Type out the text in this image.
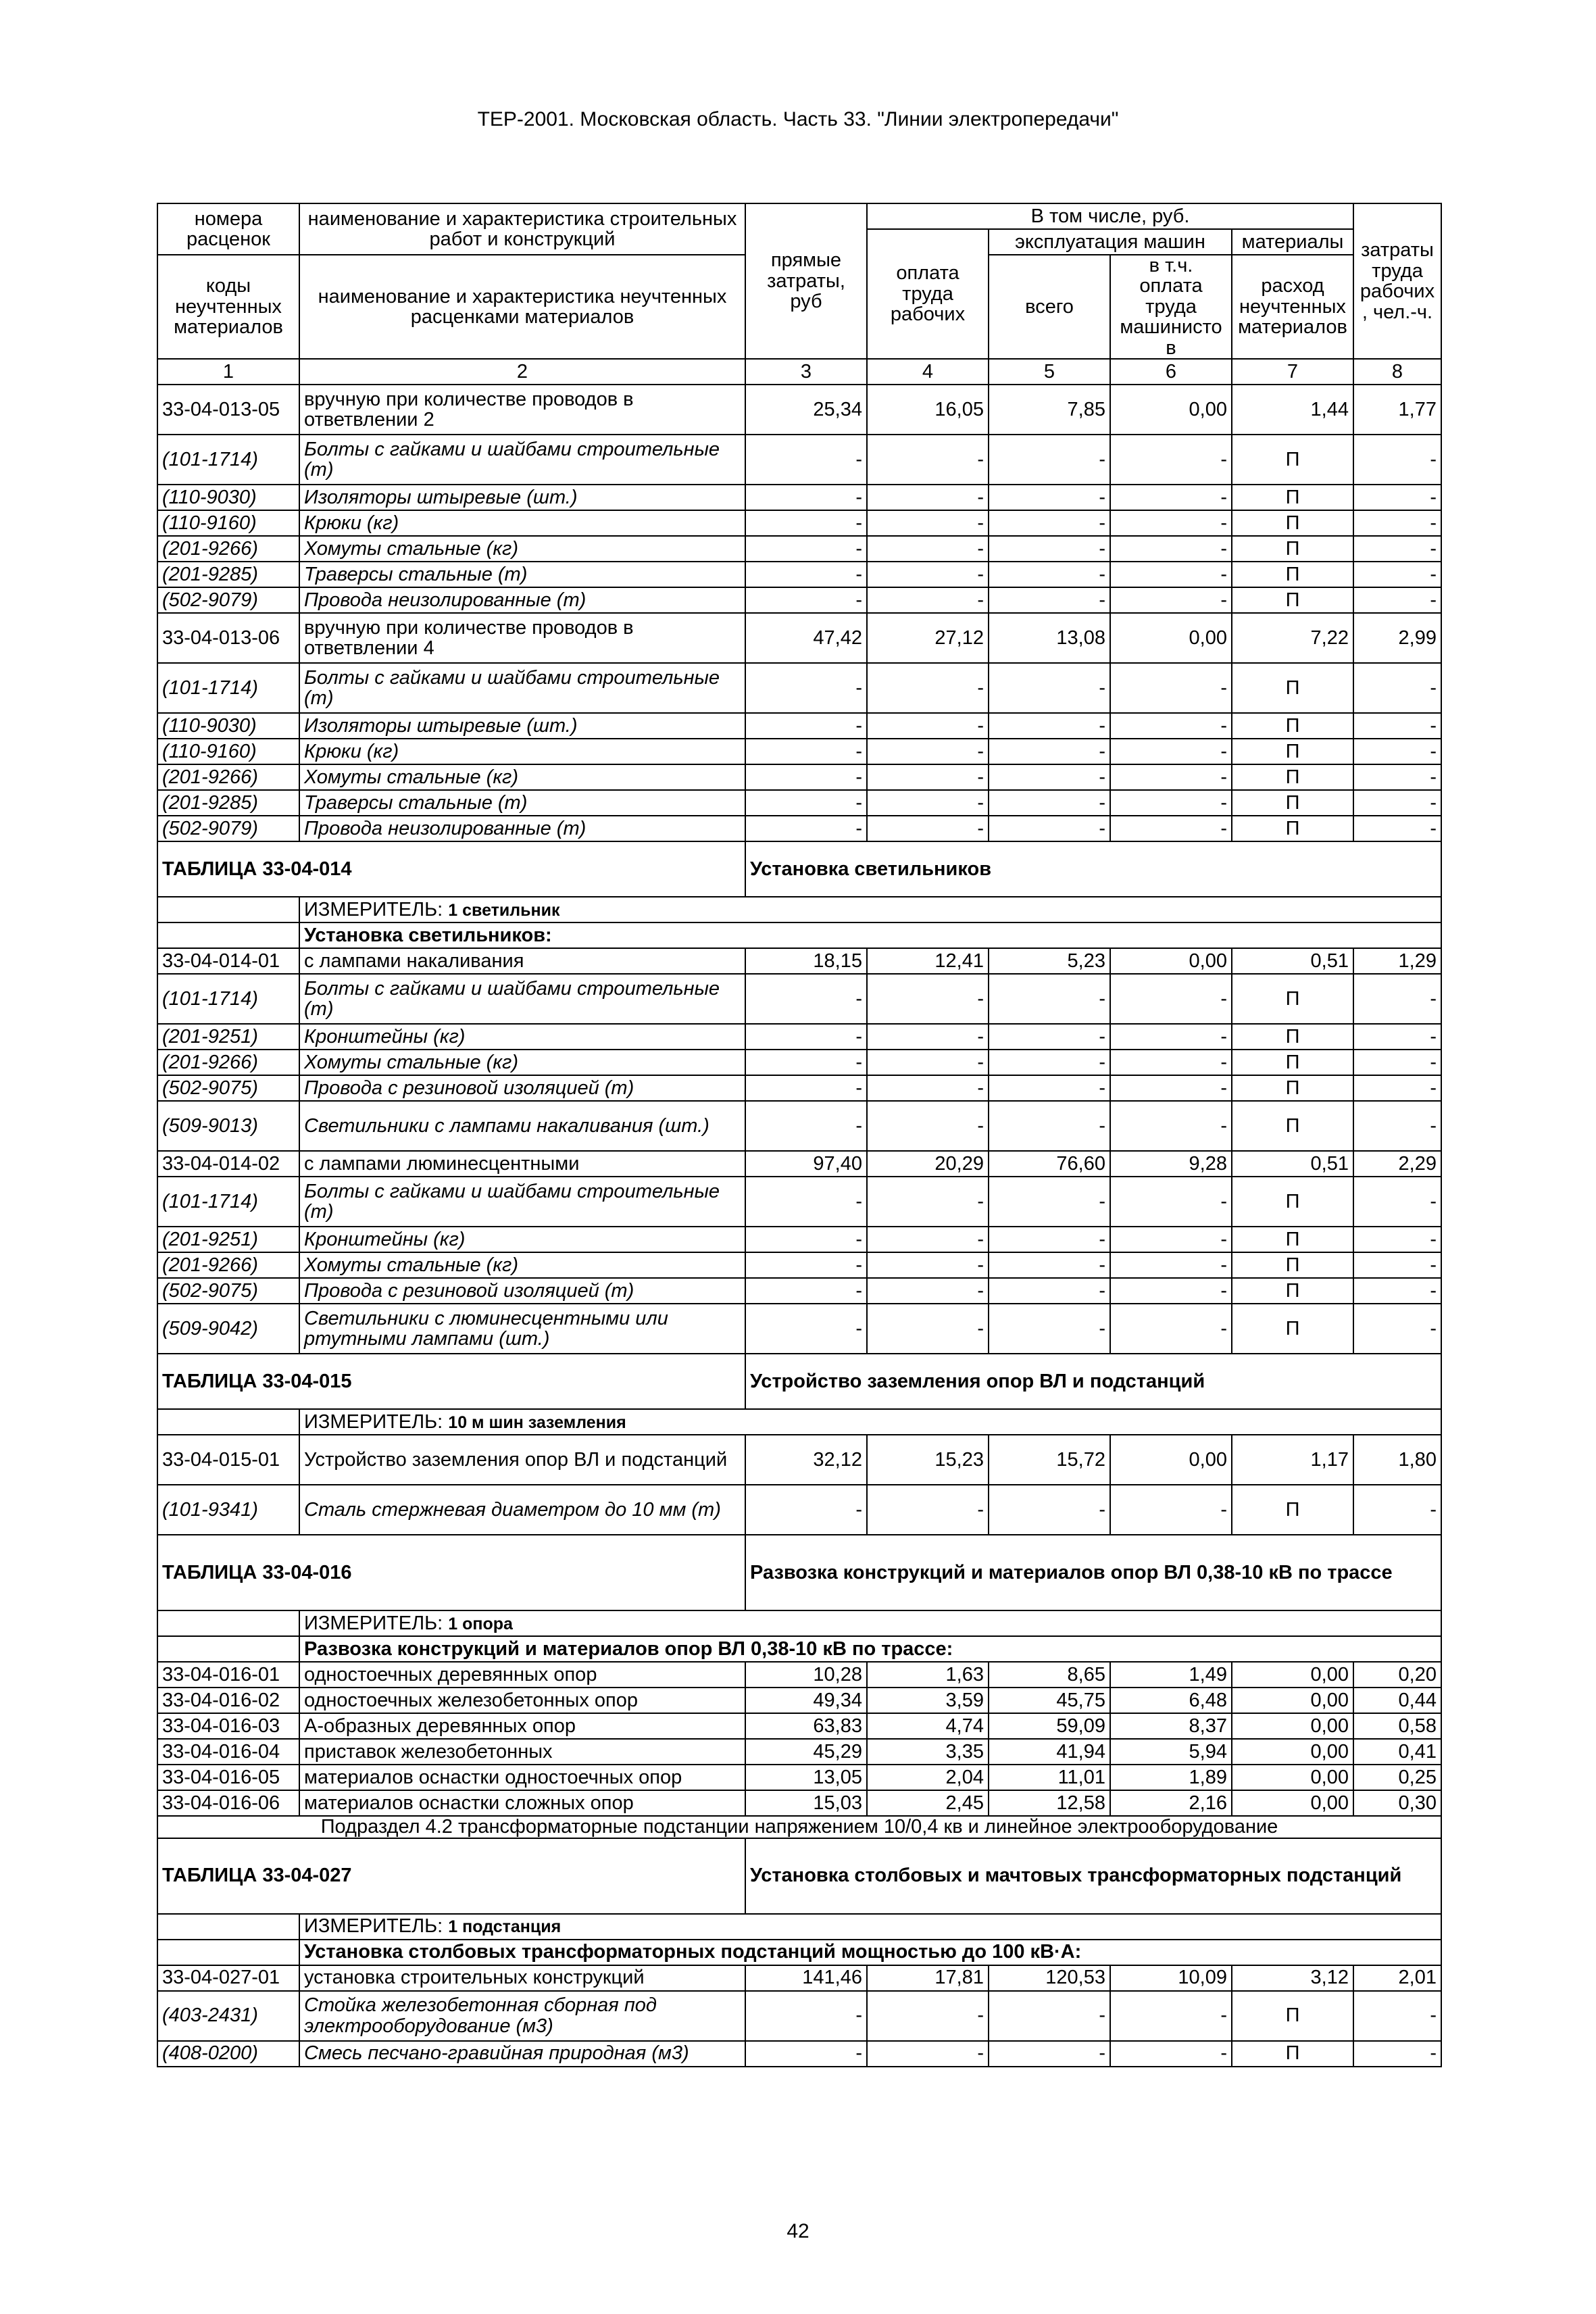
ТЕР-2001. Московская область. Часть 33. "Линии электропередачи"
номера расценок	наименование и характеристика строительных работ и конструкций	прямые затраты, руб	В том числе, руб.				затраты труда рабочих, чел.-ч.
			оплата труда рабочих	эксплуатация машин		материалы	
коды неучтенных материалов	наименование и характеристика неучтенных расценками материалов			всего	в т.ч. оплата труда машинистов	расход неучтенных материалов	

1	2	3	4	5	6	7	8
33-04-013-05	вручную при количестве проводов в ответвлении 2	25,34	16,05	7,85	0,00	1,44	1,77
(101-1714)	Болты с гайками и шайбами строительные (т)	-	-	-	-	П	-
(110-9030)	Изоляторы штыревые (шт.)	-	-	-	-	П	-
(110-9160)	Крюки (кг)	-	-	-	-	П	-
(201-9266)	Хомуты стальные (кг)	-	-	-	-	П	-
(201-9285)	Траверсы стальные (т)	-	-	-	-	П	-
(502-9079)	Провода неизолированные (т)	-	-	-	-	П	-
33-04-013-06	вручную при количестве проводов в ответвлении 4	47,42	27,12	13,08	0,00	7,22	2,99
(101-1714)	Болты с гайками и шайбами строительные (т)	-	-	-	-	П	-
(110-9030)	Изоляторы штыревые (шт.)	-	-	-	-	П	-
(110-9160)	Крюки (кг)	-	-	-	-	П	-
(201-9266)	Хомуты стальные (кг)	-	-	-	-	П	-
(201-9285)	Траверсы стальные (т)	-	-	-	-	П	-
(502-9079)	Провода неизолированные (т)	-	-	-	-	П	-
ТАБЛИЦА 33-04-014		Установка светильников					
	ИЗМЕРИТЕЛЬ: 1 светильник						
	Установка светильников:						
33-04-014-01	с лампами накаливания	18,15	12,41	5,23	0,00	0,51	1,29
(101-1714)	Болты с гайками и шайбами строительные (т)	-	-	-	-	П	-
(201-9251)	Кронштейны (кг)	-	-	-	-	П	-
(201-9266)	Хомуты стальные (кг)	-	-	-	-	П	-
(502-9075)	Провода с резиновой изоляцией (т)	-	-	-	-	П	-
(509-9013)	Светильники с лампами накаливания (шт.)	-	-	-	-	П	-
33-04-014-02	с лампами люминесцентными	97,40	20,29	76,60	9,28	0,51	2,29
(101-1714)	Болты с гайками и шайбами строительные (т)	-	-	-	-	П	-
(201-9251)	Кронштейны (кг)	-	-	-	-	П	-
(201-9266)	Хомуты стальные (кг)	-	-	-	-	П	-
(502-9075)	Провода с резиновой изоляцией (т)	-	-	-	-	П	-
(509-9042)	Светильники с люминесцентными или ртутными лампами (шт.)	-	-	-	-	П	-
ТАБЛИЦА 33-04-015		Устройство заземления опор ВЛ и подстанций					
	ИЗМЕРИТЕЛЬ: 10 м шин заземления						
33-04-015-01	Устройство заземления опор ВЛ и подстанций	32,12	15,23	15,72	0,00	1,17	1,80
(101-9341)	Сталь стержневая диаметром до 10 мм (т)	-	-	-	-	П	-
ТАБЛИЦА 33-04-016		Развозка конструкций и материалов опор ВЛ 0,38-10 кВ по трассе					
	ИЗМЕРИТЕЛЬ: 1 опора						
	Развозка конструкций и материалов опор ВЛ 0,38-10 кВ по трассе:						
33-04-016-01	одностоечных деревянных опор	10,28	1,63	8,65	1,49	0,00	0,20
33-04-016-02	одностоечных железобетонных опор	49,34	3,59	45,75	6,48	0,00	0,44
33-04-016-03	А-образных деревянных опор	63,83	4,74	59,09	8,37	0,00	0,58
33-04-016-04	приставок железобетонных	45,29	3,35	41,94	5,94	0,00	0,41
33-04-016-05	материалов оснастки одностоечных опор	13,05	2,04	11,01	1,89	0,00	0,25
33-04-016-06	материалов оснастки сложных опор	15,03	2,45	12,58	2,16	0,00	0,30
Подраздел 4.2 трансформаторные подстанции напряжением 10/0,4 кв и линейное электрооборудование							
ТАБЛИЦА 33-04-027		Установка столбовых и мачтовых трансформаторных подстанций					
	ИЗМЕРИТЕЛЬ: 1 подстанция						
	Установка столбовых трансформаторных подстанций мощностью до 100 кВ·А:						
33-04-027-01	установка строительных конструкций	141,46	17,81	120,53	10,09	3,12	2,01
(403-2431)	Стойка железобетонная сборная под электрооборудование (м3)	-	-	-	-	П	-
(408-0200)	Смесь песчано-гравийная природная (м3)	-	-	-	-	П	-
42
